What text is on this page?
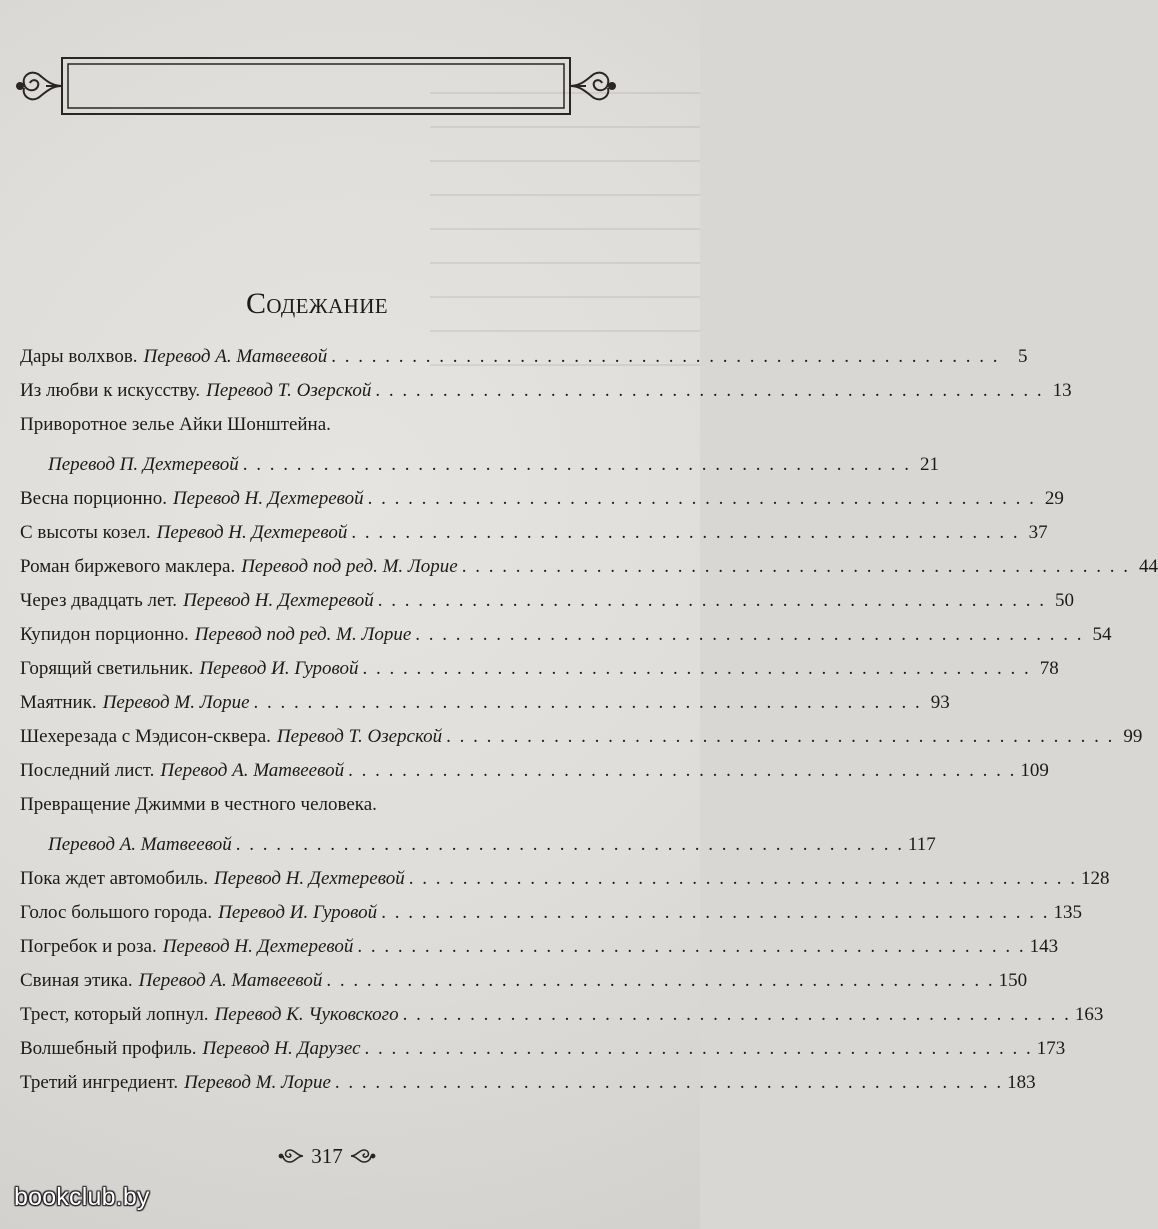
Содежание
Дары волхвов. Перевод А. Матвеевой . . . . . . . . . . . . . . . . . . . . . . . . . . . . . . . . . . . . . . . . . . . . . . . . . . 5
Из любви к искусству. Перевод Т. Озерской . . . . . . . . . . . . . . . . . . . . . . . . . . . . . . . . . . . . . . . . . . . . . . . . . . 13
Приворотное зелье Айки Шонштейна.
Перевод П. Дехтеревой . . . . . . . . . . . . . . . . . . . . . . . . . . . . . . . . . . . . . . . . . . . . . . . . . . 21
Весна порционно. Перевод Н. Дехтеревой . . . . . . . . . . . . . . . . . . . . . . . . . . . . . . . . . . . . . . . . . . . . . . . . . . 29
С высоты козел. Перевод Н. Дехтеревой . . . . . . . . . . . . . . . . . . . . . . . . . . . . . . . . . . . . . . . . . . . . . . . . . . 37
Роман биржевого маклера. Перевод под ред. М. Лорие . . . . . . . . . . . . . . . . . . . . . . . . . . . . . . . . . . . . . . . . . . . . . . . . . . 44
Через двадцать лет. Перевод Н. Дехтеревой . . . . . . . . . . . . . . . . . . . . . . . . . . . . . . . . . . . . . . . . . . . . . . . . . . 50
Купидон порционно. Перевод под ред. М. Лорие . . . . . . . . . . . . . . . . . . . . . . . . . . . . . . . . . . . . . . . . . . . . . . . . . . 54
Горящий светильник. Перевод И. Гуровой . . . . . . . . . . . . . . . . . . . . . . . . . . . . . . . . . . . . . . . . . . . . . . . . . . 78
Маятник. Перевод М. Лорие . . . . . . . . . . . . . . . . . . . . . . . . . . . . . . . . . . . . . . . . . . . . . . . . . . 93
Шехерезада с Мэдисон-сквера. Перевод Т. Озерской . . . . . . . . . . . . . . . . . . . . . . . . . . . . . . . . . . . . . . . . . . . . . . . . . . 99
Последний лист. Перевод А. Матвеевой . . . . . . . . . . . . . . . . . . . . . . . . . . . . . . . . . . . . . . . . . . . . . . . . . . 109
Превращение Джимми в честного человека.
Перевод А. Матвеевой . . . . . . . . . . . . . . . . . . . . . . . . . . . . . . . . . . . . . . . . . . . . . . . . . . 117
Пока ждет автомобиль. Перевод Н. Дехтеревой . . . . . . . . . . . . . . . . . . . . . . . . . . . . . . . . . . . . . . . . . . . . . . . . . . 128
Голос большого города. Перевод И. Гуровой . . . . . . . . . . . . . . . . . . . . . . . . . . . . . . . . . . . . . . . . . . . . . . . . . . 135
Погребок и роза. Перевод Н. Дехтеревой . . . . . . . . . . . . . . . . . . . . . . . . . . . . . . . . . . . . . . . . . . . . . . . . . . 143
Свиная этика. Перевод А. Матвеевой . . . . . . . . . . . . . . . . . . . . . . . . . . . . . . . . . . . . . . . . . . . . . . . . . . 150
Трест, который лопнул. Перевод К. Чуковского . . . . . . . . . . . . . . . . . . . . . . . . . . . . . . . . . . . . . . . . . . . . . . . . . . 163
Волшебный профиль. Перевод Н. Дарузес . . . . . . . . . . . . . . . . . . . . . . . . . . . . . . . . . . . . . . . . . . . . . . . . . . 173
Третий ингредиент. Перевод М. Лорие . . . . . . . . . . . . . . . . . . . . . . . . . . . . . . . . . . . . . . . . . . . . . . . . . . 183
317
bookclub.by
